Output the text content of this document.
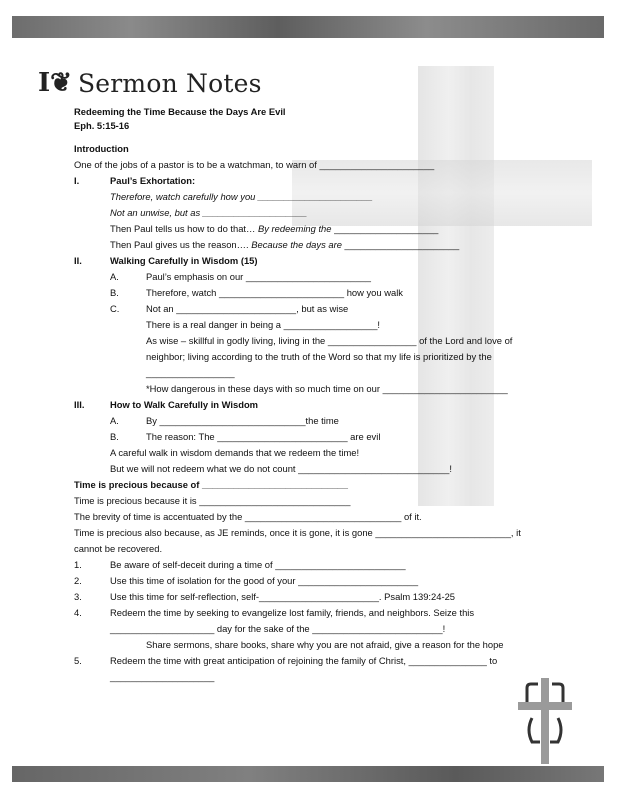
I❦ Sermon Notes
Redeeming the Time Because the Days Are Evil
Eph. 5:15-16
Introduction
One of the jobs of a pastor is to be a watchman, to warn of ______________________
I.	Paul’s Exhortation:
Therefore, watch carefully how you ______________________
Not an unwise, but as ____________________
Then Paul tells us how to do that… By redeeming the ____________________
Then Paul gives us the reason…. Because the days are ______________________
II.	Walking Carefully in Wisdom (15)
A.	Paul’s emphasis on our ________________________
B.	Therefore, watch ________________________ how you walk
C.	Not an _______________________, but as wise
There is a real danger in being a __________________!
As wise – skillful in godly living, living in the _________________ of the Lord and love of
neighbor; living according to the truth of the Word so that my life is prioritized by the
_________________
*How dangerous in these days with so much time on our ________________________
III.	How to Walk Carefully in Wisdom
A.	By ____________________________the time
B.	The reason: The _________________________ are evil
A careful walk in wisdom demands that we redeem the time!
But we will not redeem what we do not count _____________________________!
Time is precious because of ____________________________
Time is precious because it is _____________________________
The brevity of time is accentuated by the ______________________________ of it.
Time is precious also because, as JE reminds, once it is gone, it is gone __________________________, it
cannot be recovered.
1.	Be aware of self-deceit during a time of _________________________
2.	Use this time of isolation for the good of your _______________________
3.	Use this time for self-reflection, self-_______________________. Psalm 139:24-25
4.	Redeem the time by seeking to evangelize lost family, friends, and neighbors. Seize this
____________________ day for the sake of the _________________________!
Share sermons, share books, share why you are not afraid, give a reason for the hope
5.	Redeem the time with great anticipation of rejoining the family of Christ, _______________ to
____________________
